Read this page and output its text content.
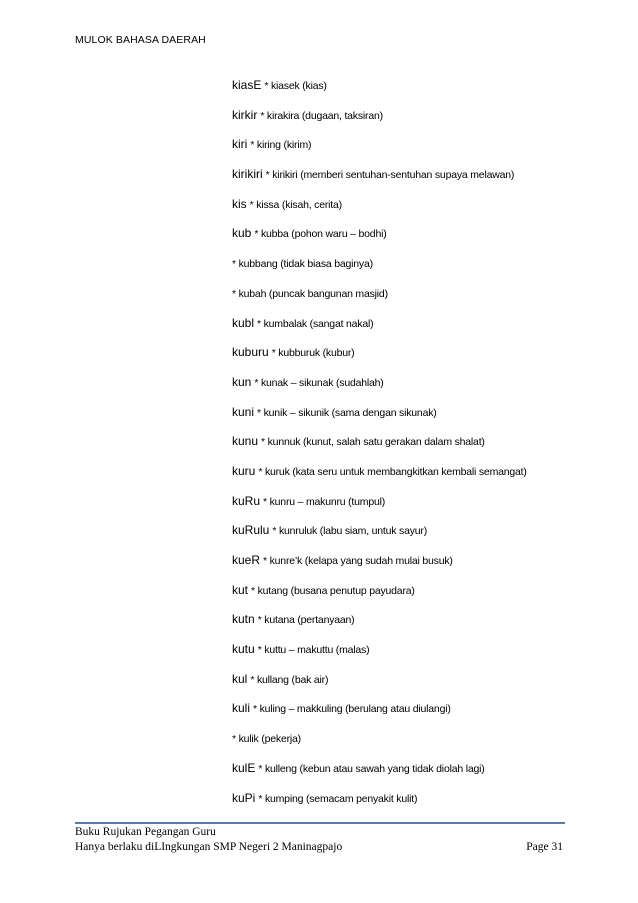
MULOK BAHASA DAERAH
kiasE * kiasek (kias)
kirkir * kirakira (dugaan, taksiran)
kiri * kiring (kirim)
kirikiri * kirikiri (memberi sentuhan-sentuhan supaya melawan)
kis * kissa (kisah, cerita)
kub * kubba (pohon waru – bodhi)
* kubbang (tidak biasa baginya)
* kubah (puncak bangunan masjid)
kubl * kumbalak (sangat nakal)
kuburu * kubburuk (kubur)
kun * kunak – sikunak (sudahlah)
kuni * kunik – sikunik (sama dengan sikunak)
kunu * kunnuk (kunut, salah satu gerakan dalam shalat)
kuru * kuruk (kata seru untuk membangkitkan kembali semangat)
kuRu * kunru – makunru (tumpul)
kuRulu * kunruluk (labu siam, untuk sayur)
kueR * kunre’k (kelapa yang sudah mulai busuk)
kut * kutang (busana penutup payudara)
kutn * kutana (pertanyaan)
kutu * kuttu – makuttu (malas)
kul * kullang (bak air)
kuli * kuling – makkuling (berulang atau diulangi)
* kulik (pekerja)
kulE * kulleng (kebun atau sawah yang tidak diolah lagi)
kuPi * kumping (semacam penyakit kulit)
Buku Rujukan Pegangan Guru
Hanya berlaku diLIngkungan SMP Negeri 2 Maninagpajo	Page 31
